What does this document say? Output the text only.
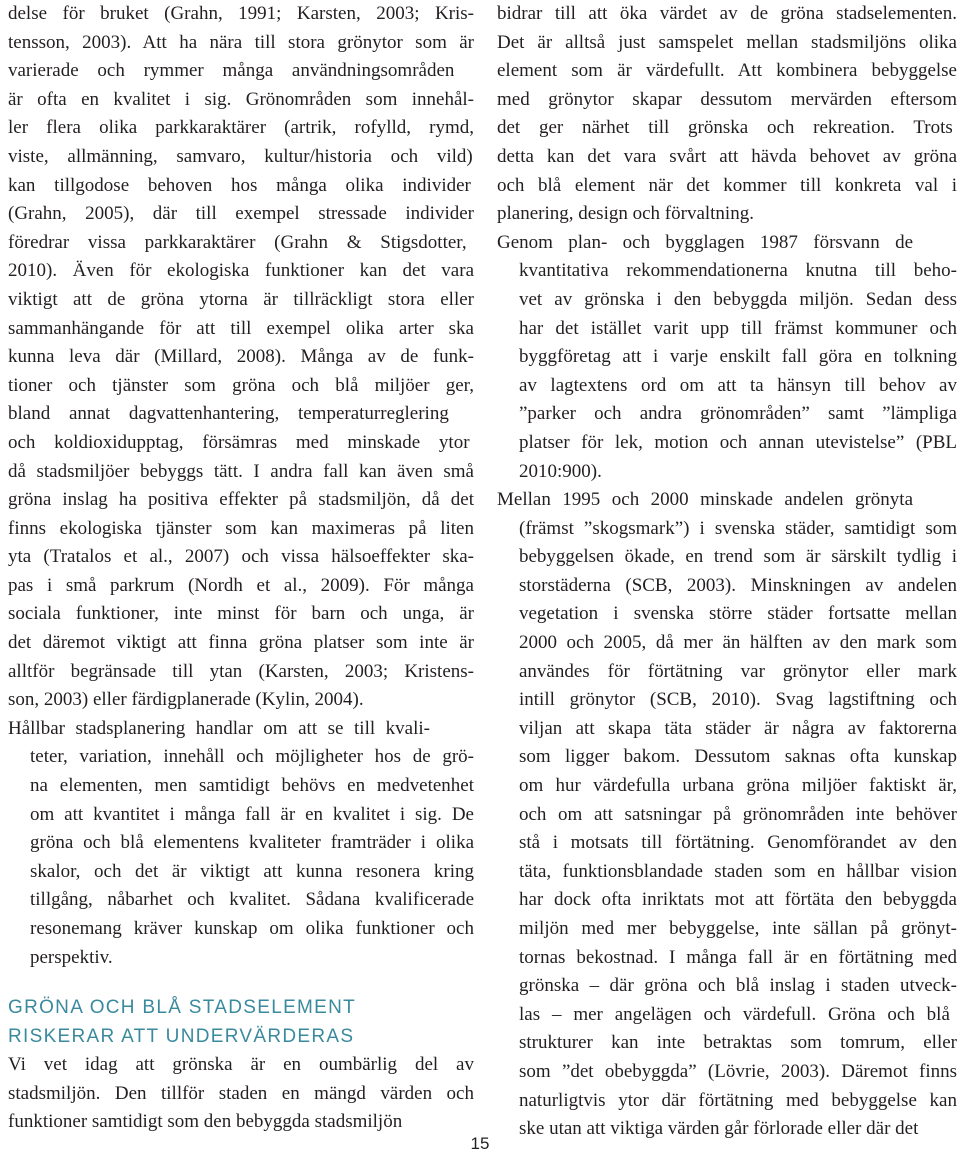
delse för bruket (Grahn, 1991; Karsten, 2003; Kris-
tensson, 2003). Att ha nära till stora grönytor som är
varierade och rymmer många användningsområden
är ofta en kvalitet i sig. Grönområden som innehål-
ler flera olika parkkaraktärer (artrik, rofylld, rymd,
viste, allmänning, samvaro, kultur/historia och vild)
kan tillgodose behoven hos många olika individer
(Grahn, 2005), där till exempel stressade individer
föredrar vissa parkkaraktärer (Grahn & Stigsdotter,
2010). Även för ekologiska funktioner kan det vara
viktigt att de gröna ytorna är tillräckligt stora eller
sammanhängande för att till exempel olika arter ska
kunna leva där (Millard, 2008). Många av de funk-
tioner och tjänster som gröna och blå miljöer ger,
bland annat dagvattenhantering, temperaturreglering
och koldioxidupptag, försämras med minskade ytor
då stadsmiljöer bebyggs tätt. I andra fall kan även små
gröna inslag ha positiva effekter på stadsmiljön, då det
finns ekologiska tjänster som kan maximeras på liten
yta (Tratalos et al., 2007) och vissa hälsoeffekter ska-
pas i små parkrum (Nordh et al., 2009). För många
sociala funktioner, inte minst för barn och unga, är
det däremot viktigt att finna gröna platser som inte är
alltför begränsade till ytan (Karsten, 2003; Kristens-
son, 2003) eller färdigplanerade (Kylin, 2004).

Hållbar stadsplanering handlar om att se till kvali-
teter, variation, innehåll och möjligheter hos de grö-
na elementen, men samtidigt behövs en medvetenhet
om att kvantitet i många fall är en kvalitet i sig. De
gröna och blå elementens kvaliteter framträder i olika
skalor, och det är viktigt att kunna resonera kring
tillgång, nåbarhet och kvalitet. Sådana kvalificerade
resonemang kräver kunskap om olika funktioner och
perspektiv.

GRÖNA OCH BLÅ STADSELEMENT
RISKERAR ATT UNDERVÄRDERAS

Vi vet idag att grönska är en oumbärlig del av
stadsmiljön. Den tillför staden en mängd värden och
funktioner samtidigt som den bebyggda stadsmiljön

bidrar till att öka värdet av de gröna stadselementen.
Det är alltså just samspelet mellan stadsmiljöns olika
element som är värdefullt. Att kombinera bebyggelse
med grönytor skapar dessutom mervärden eftersom
det ger närhet till grönska och rekreation. Trots
detta kan det vara svårt att hävda behovet av gröna
och blå element när det kommer till konkreta val i
planering, design och förvaltning.

Genom plan- och bygglagen 1987 försvann de
kvantitativa rekommendationerna knutna till beho-
vet av grönska i den bebyggda miljön. Sedan dess
har det istället varit upp till främst kommuner och
byggföretag att i varje enskilt fall göra en tolkning
av lagtextens ord om att ta hänsyn till behov av
”parker och andra grönområden” samt ”lämpliga
platser för lek, motion och annan utevistelse” (PBL
2010:900).

Mellan 1995 och 2000 minskade andelen grönyta
(främst ”skogsmark”) i svenska städer, samtidigt som
bebyggelsen ökade, en trend som är särskilt tydlig i
storstäderna (SCB, 2003). Minskningen av andelen
vegetation i svenska större städer fortsatte mellan
2000 och 2005, då mer än hälften av den mark som
användes för förtätning var grönytor eller mark
intill grönytor (SCB, 2010). Svag lagstiftning och
viljan att skapa täta städer är några av faktorerna
som ligger bakom. Dessutom saknas ofta kunskap
om hur värdefulla urbana gröna miljöer faktiskt är,
och om att satsningar på grönområden inte behöver
stå i motsats till förtätning. Genomförandet av den
täta, funktionsblandade staden som en hållbar vision
har dock ofta inriktats mot att förtäta den bebyggda
miljön med mer bebyggelse, inte sällan på grönyt-
tornas bekostnad. I många fall är en förtätning med
grönska – där gröna och blå inslag i staden utveck-
las – mer angelägen och värdefull. Gröna och blå
strukturer kan inte betraktas som tomrum, eller
som ”det obebyggda” (Lövrie, 2003). Däremot finns
naturligtvis ytor där förtätning med bebyggelse kan
ske utan att viktiga värden går förlorade eller där det

15
